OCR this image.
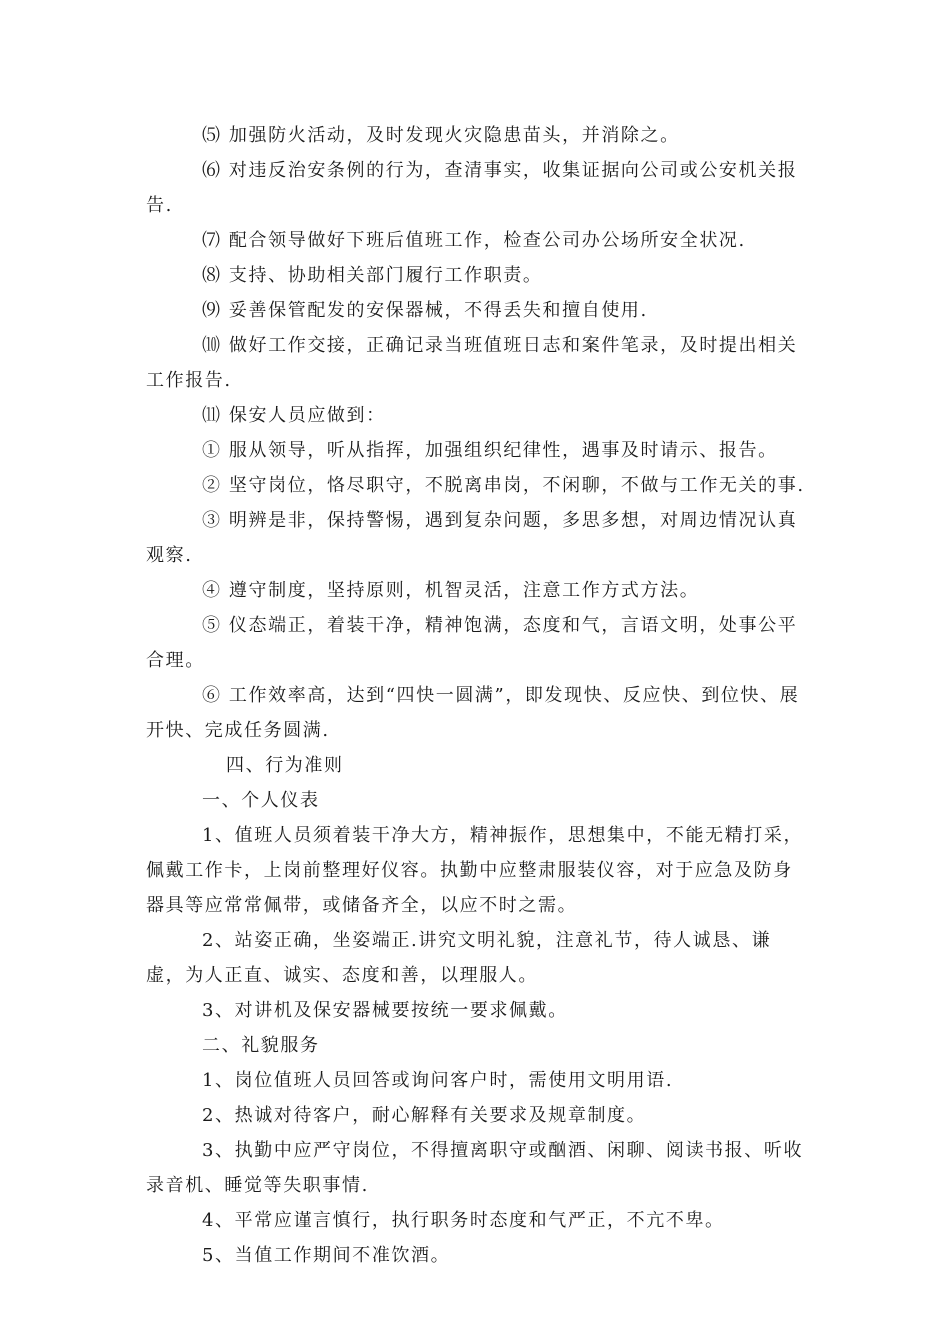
⑸ 加强防火活动，及时发现火灾隐患苗头，并消除之。

⑹ 对违反治安条例的行为，查清事实，收集证据向公司或公安机关报告.

⑺ 配合领导做好下班后值班工作，检查公司办公场所安全状况.

⑻ 支持、协助相关部门履行工作职责。

⑼ 妥善保管配发的安保器械，不得丢失和擅自使用.

⑽ 做好工作交接，正确记录当班值班日志和案件笔录，及时提出相关工作报告.

⑾ 保安人员应做到：

① 服从领导，听从指挥，加强组织纪律性，遇事及时请示、报告。

② 坚守岗位，恪尽职守，不脱离串岗，不闲聊，不做与工作无关的事.

③ 明辨是非，保持警惕，遇到复杂问题，多思多想，对周边情况认真观察.

④ 遵守制度，坚持原则，机智灵活，注意工作方式方法。

⑤ 仪态端正，着装干净，精神饱满，态度和气，言语文明，处事公平合理。

⑥ 工作效率高，达到“四快一圆满”，即发现快、反应快、到位快、展开快、完成任务圆满.

四、行为准则

一、个人仪表

1、值班人员须着装干净大方，精神振作，思想集中，不能无精打采，佩戴工作卡，上岗前整理好仪容。执勤中应整肃服装仪容，对于应急及防身器具等应常常佩带，或储备齐全，以应不时之需。

2、站姿正确，坐姿端正.讲究文明礼貌，注意礼节，待人诚恳、谦虚，为人正直、诚实、态度和善，以理服人。

3、对讲机及保安器械要按统一要求佩戴。

二、礼貌服务

1、岗位值班人员回答或询问客户时，需使用文明用语.

2、热诚对待客户，耐心解释有关要求及规章制度。

3、执勤中应严守岗位，不得擅离职守或酗酒、闲聊、阅读书报、听收录音机、睡觉等失职事情.

4、平常应谨言慎行，执行职务时态度和气严正，不亢不卑。

5、当值工作期间不准饮酒。
